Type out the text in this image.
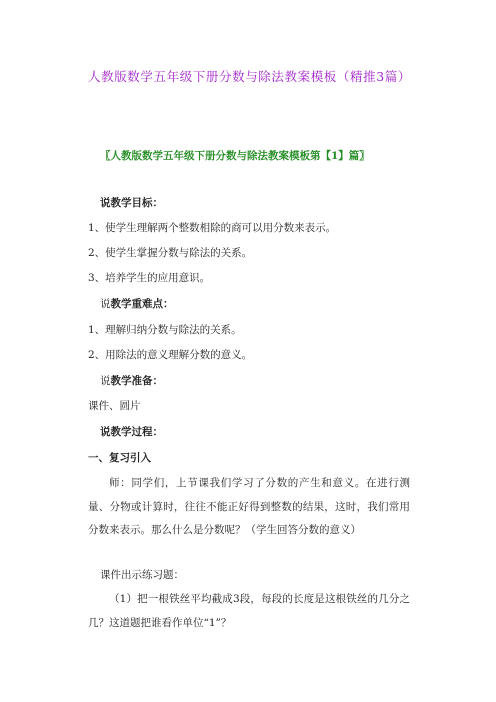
人教版数学五年级下册分数与除法教案模板（精推3篇）
〖人教版数学五年级下册分数与除法教案模板第【1】篇〗
说教学目标：
1、使学生理解两个整数相除的商可以用分数来表示。
2、使学生掌握分数与除法的关系。
3、培养学生的应用意识。
说教学重难点：
1、理解归纳分数与除法的关系。
2、用除法的意义理解分数的意义。
说教学准备：
课件、圆片
说教学过程：
一、复习引入
师：同学们，上节课我们学习了分数的产生和意义。在进行测量、分物或计算时，往往不能正好得到整数的结果，这时，我们常用分数来表示。那么什么是分数呢？（学生回答分数的意义）
课件出示练习题：
（1）把一根铁丝平均截成3段，每段的长度是这根铁丝的几分之几？这道题把谁看作单位“1”？
